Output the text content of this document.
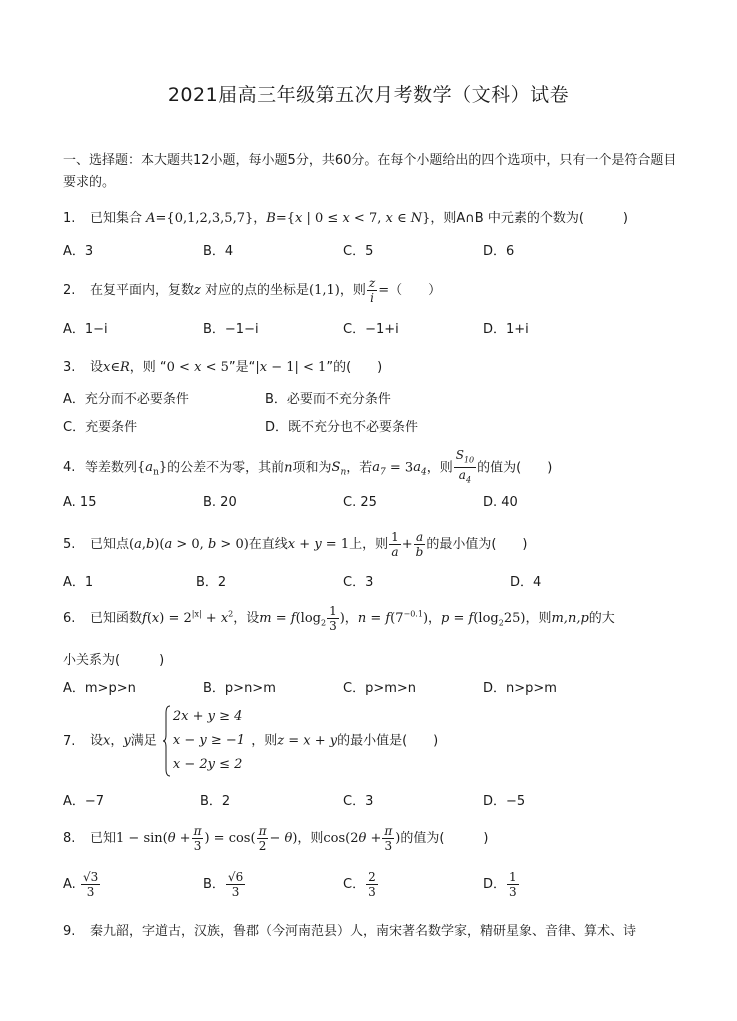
2021届高三年级第五次月考数学（文科）试卷
一、选择题：本大题共12小题，每小题5分，共60分。在每个小题给出的四个选项中，只有一个是符合题目要求的。
1. 已知集合 A={0,1,2,3,5,7}，B={x | 0 ≤ x < 7, x ∈ N}，则A∩B 中元素的个数为(　　　)
A．3	B．4	C．5	D．6
2. 在复平面内，复数z 对应的点的坐标是(1,1)，则 $\frac{z}{i}$ =（　　）
A．1−i	B．−1−i	C．−1+i	D．1+i
3. 设x∈R，则 “0 < x < 5”是“|x − 1| < 1”的(　　)
A．充分而不必要条件	B．必要而不充分条件
C．充要条件	D．既不充分也不必要条件
4. 等差数列$\{a_n\}$的公差不为零，其前n项和为$S_n$，若$a_7 = 3a_4$，则 $\frac{S_{10}}{a_4}$ 的值为(　　)
A. 15	B. 20	C. 25	D. 40
5. 已知点(a,b)(a > 0, b > 0)在直线x + y = 1上，则 $\frac{1}{a} + \frac{a}{b}$ 的最小值为(　　)
A．1	B．2	C．3	D．4
6. 已知函数$f(x) = 2^{|x|} + x^2$，设$m = f(\log_2 \frac{1}{3}$ )，$n = f(7^{-0.1})$，$p = f(\log_225)$，则m,n,p的大
小关系为(　　　)
A．m>p>n	B．p>n>m	C．p>m>n	D．n>p>m
7. 设x，y满足
2x + y ≥ 4
x − y ≥ −1
x − 2y ≤ 2
，则z = x + y的最小值是(　　)
A．−7	B．2	C．3	D．−5
8. 已知$1 - \sin(\theta + \frac{\pi}{3}$ ) = $\cos( \frac{\pi}{2} - \theta)$，则$\cos(2\theta + \frac{\pi}{3}$ )的值为(　　　)
A. $\frac{√3}{3}$	B． $\frac{√6}{3}$	C． $\frac{2}{3}$	D． $\frac{1}{3}$
9. 秦九韶，字道古，汉族，鲁郡（今河南范县）人，南宋著名数学家，精研星象、音律、算术、诗
